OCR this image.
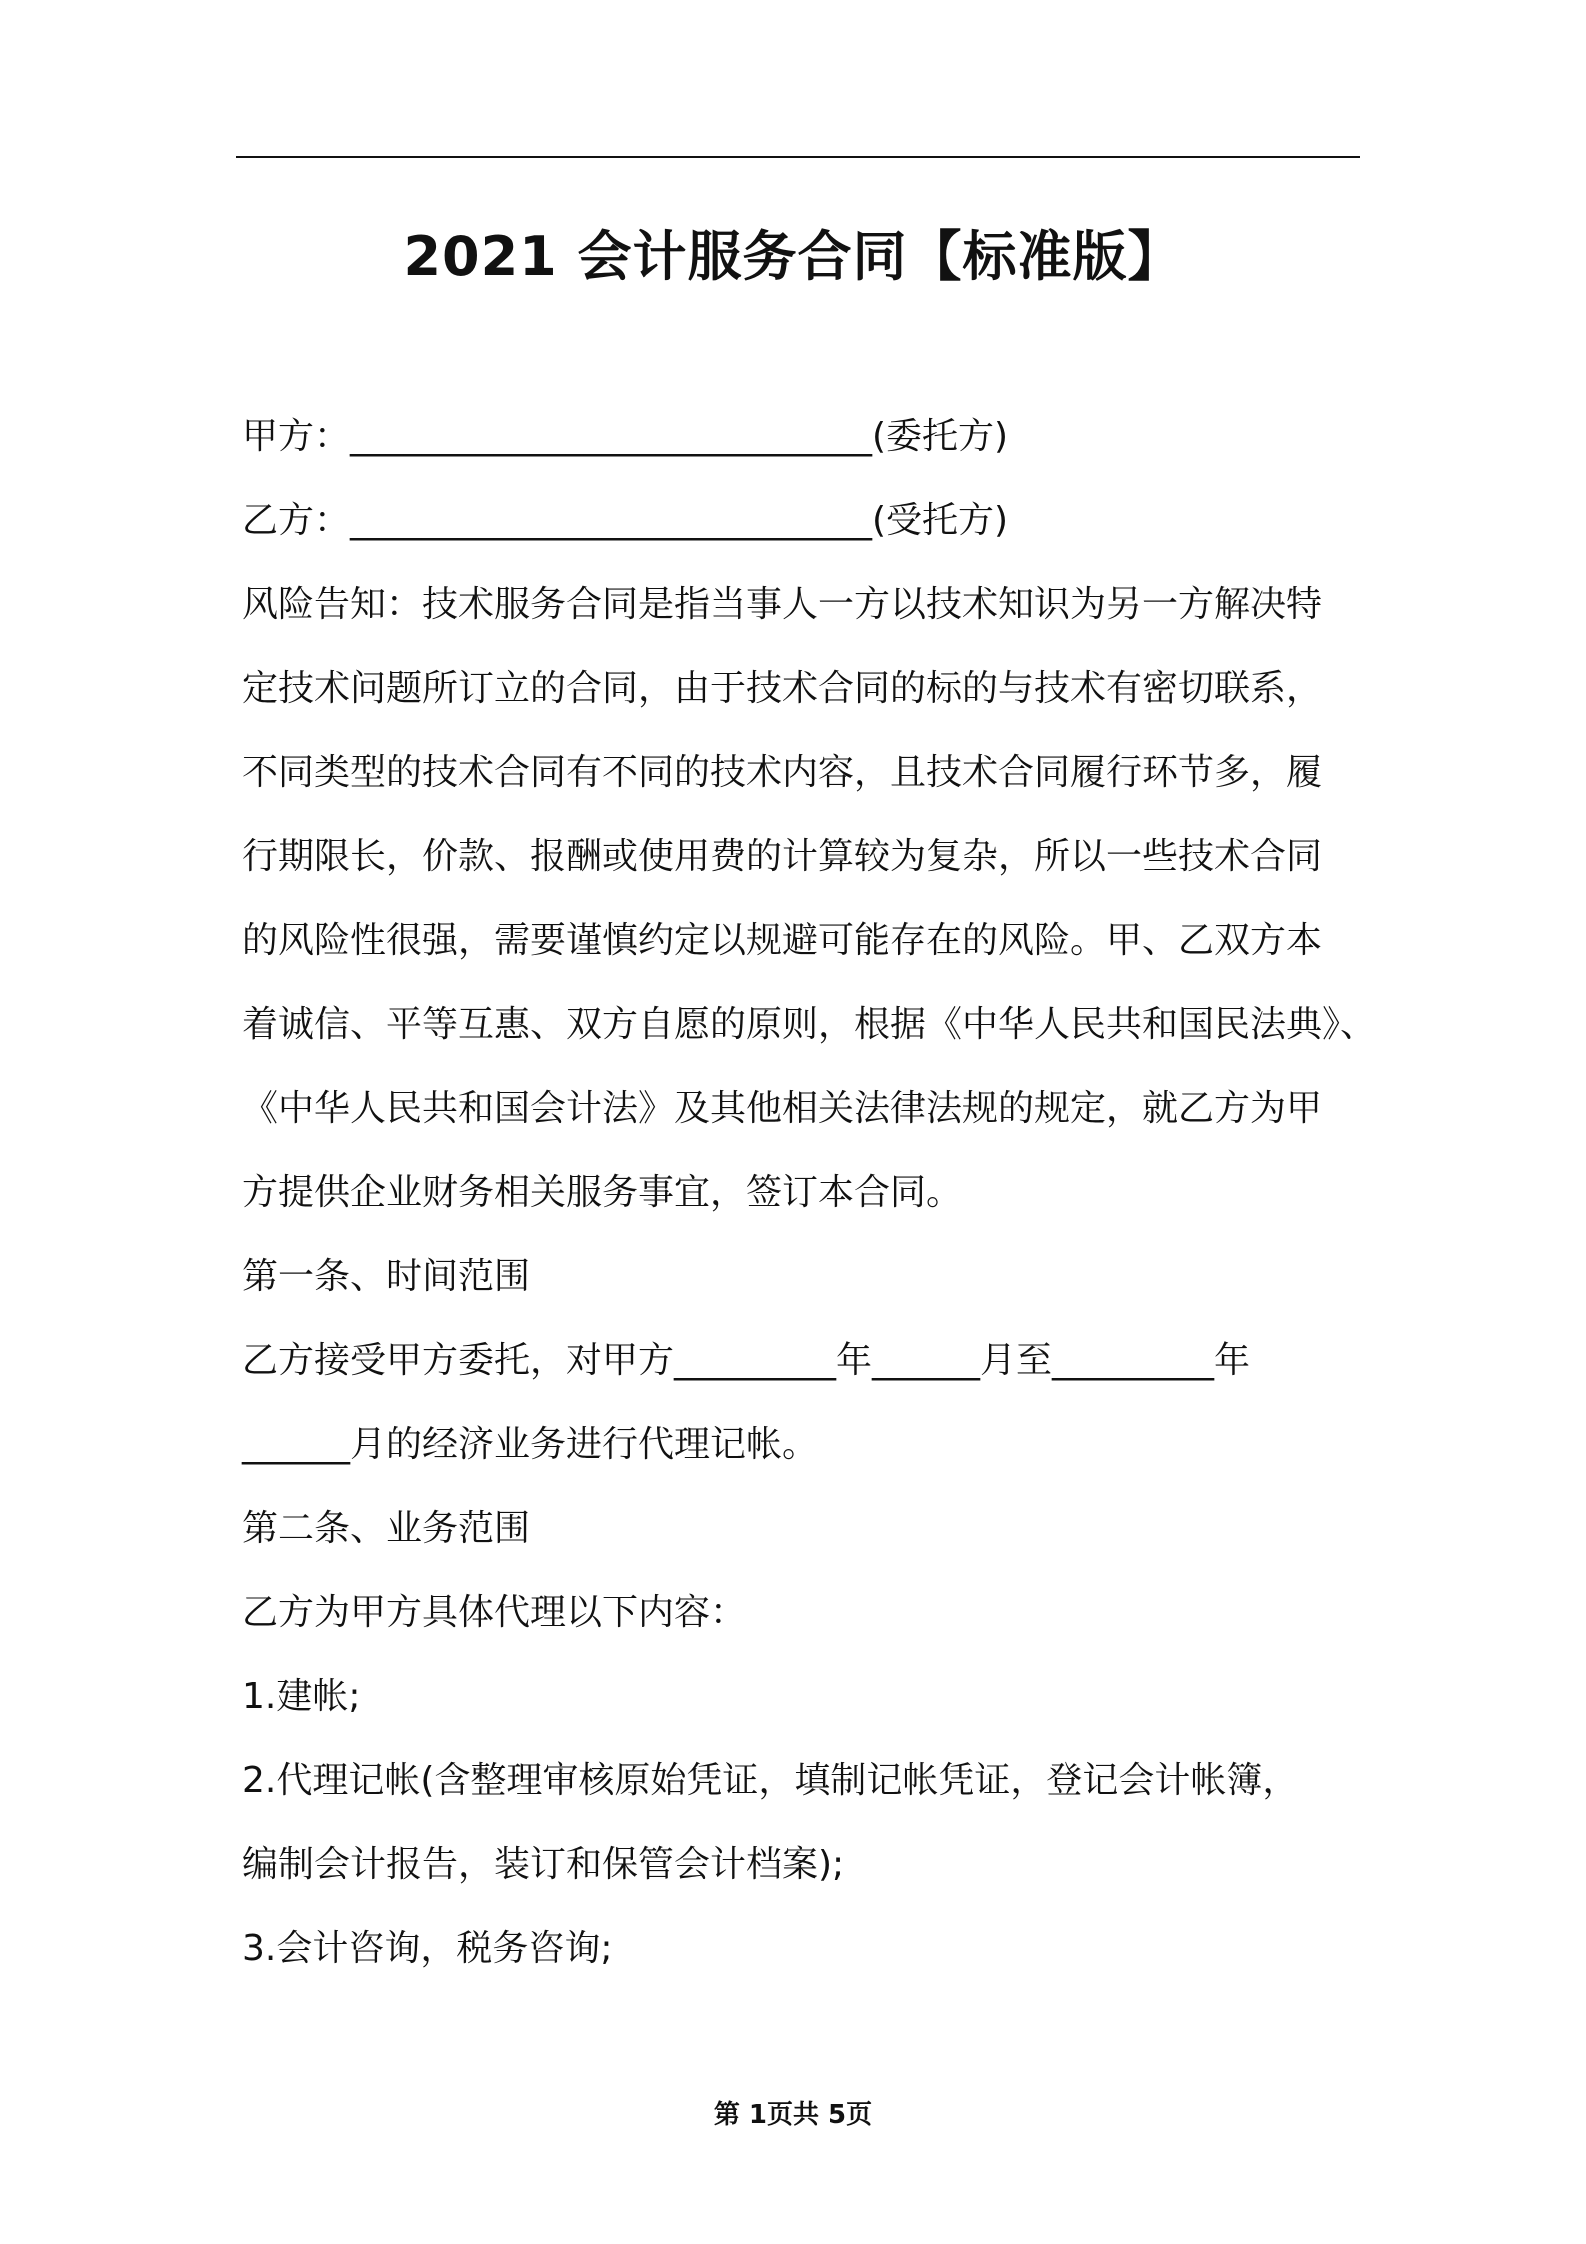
2021 会计服务合同【标准版】
甲方：_____________________________(委托方)
乙方：_____________________________(受托方)
风险告知：技术服务合同是指当事人一方以技术知识为另一方解决特
定技术问题所订立的合同，由于技术合同的标的与技术有密切联系，
不同类型的技术合同有不同的技术内容，且技术合同履行环节多，履
行期限长，价款、报酬或使用费的计算较为复杂，所以一些技术合同
的风险性很强，需要谨慎约定以规避可能存在的风险。甲、乙双方本
着诚信、平等互惠、双方自愿的原则，根据《中华人民共和国民法典》、
《中华人民共和国会计法》及其他相关法律法规的规定，就乙方为甲
方提供企业财务相关服务事宜，签订本合同。
第一条、时间范围
乙方接受甲方委托，对甲方_________年______月至_________年
______月的经济业务进行代理记帐。
第二条、业务范围
乙方为甲方具体代理以下内容：
1.建帐;
2.代理记帐(含整理审核原始凭证，填制记帐凭证，登记会计帐簿，
编制会计报告，装订和保管会计档案);
3.会计咨询，税务咨询;
第 1页共 5页
